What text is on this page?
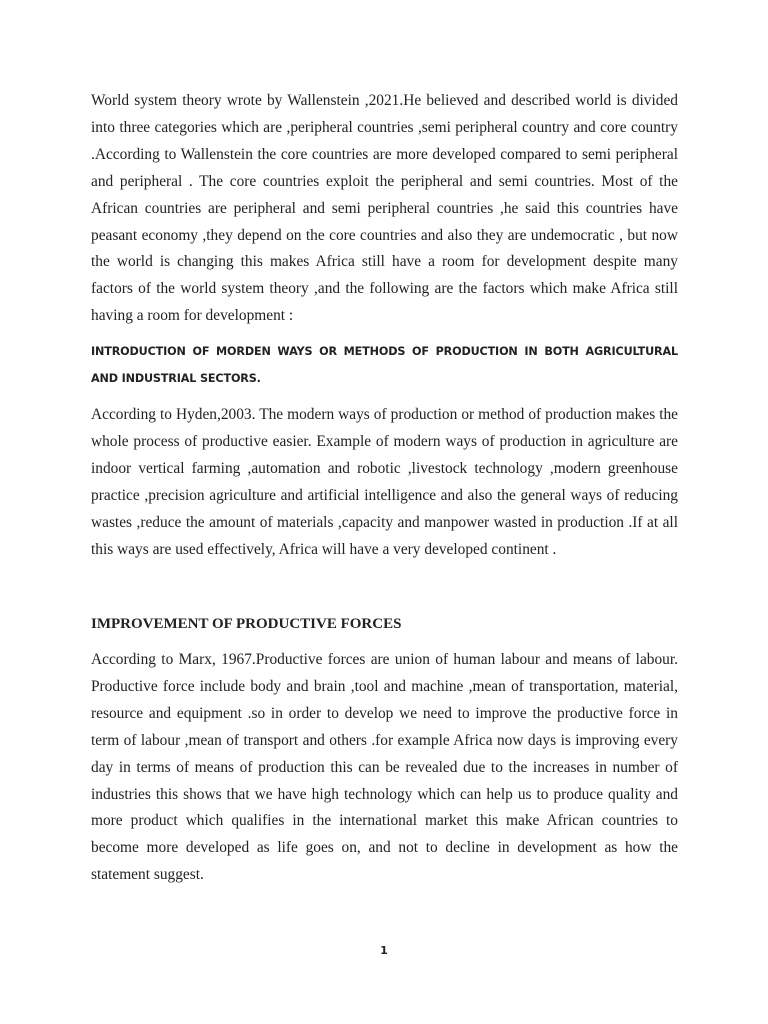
World system theory wrote by Wallenstein ,2021.He believed and described world is divided into three categories which are ,peripheral countries ,semi peripheral country and core country .According to Wallenstein the core countries are more developed compared to semi peripheral and peripheral . The core countries exploit the peripheral and semi countries. Most of the African countries are peripheral and semi peripheral countries ,he said this countries have peasant economy ,they depend on the core countries and also they are undemocratic , but now the world is changing this makes Africa still have a room for development despite many factors of the world system theory ,and the following are the factors which make Africa still having a room for development :

INTRODUCTION OF MORDEN WAYS OR METHODS OF PRODUCTION IN BOTH AGRICULTURAL AND INDUSTRIAL SECTORS.

According to Hyden,2003. The modern ways of production or method of production makes the whole process of productive easier. Example of modern ways of production in agriculture are indoor vertical farming ,automation and robotic ,livestock technology ,modern greenhouse practice ,precision agriculture and artificial intelligence and also the general ways of reducing wastes ,reduce the amount of materials ,capacity and manpower wasted in production .If at all this ways are used effectively, Africa will have a very developed continent .

IMPROVEMENT OF PRODUCTIVE FORCES

According to Marx, 1967.Productive forces are union of human labour and means of labour. Productive force include body and brain ,tool and machine ,mean of transportation, material, resource and equipment .so in order to develop we need to improve the productive force in term of labour ,mean of transport and others .for example Africa now days is improving every day in terms of means of production this can be revealed due to the increases in number of industries this shows that we have high technology which can help us to produce quality and more product which qualifies in the international market this make African countries to become more developed as life goes on, and not to decline in development as how the statement suggest.

1
